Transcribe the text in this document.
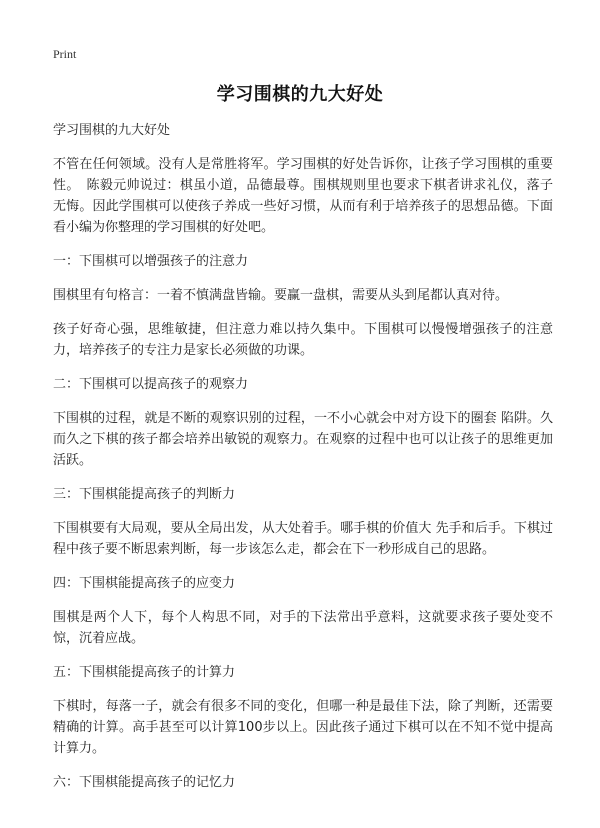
Print
学习围棋的九大好处

学习围棋的九大好处

不管在任何领域。没有人是常胜将军。学习围棋的好处告诉你，让孩子学习围棋的重要性。　陈毅元帅说过：棋虽小道，品德最尊。围棋规则里也要求下棋者讲求礼仪，落子无悔。因此学围棋可以使孩子养成一些好习惯，从而有利于培养孩子的思想品德。下面看小编为你整理的学习围棋的好处吧。

一：下围棋可以增强孩子的注意力

围棋里有句格言：一着不慎满盘皆输。要赢一盘棋，需要从头到尾都认真对待。

孩子好奇心强，思维敏捷，但注意力难以持久集中。下围棋可以慢慢增强孩子的注意力，培养孩子的专注力是家长必须做的功课。

二：下围棋可以提高孩子的观察力

下围棋的过程，就是不断的观察识别的过程，一不小心就会中对方设下的圈套 陷阱。久而久之下棋的孩子都会培养出敏锐的观察力。在观察的过程中也可以让孩子的思维更加活跃。

三：下围棋能提高孩子的判断力

下围棋要有大局观，要从全局出发，从大处着手。哪手棋的价值大 先手和后手。下棋过程中孩子要不断思索判断，每一步该怎么走，都会在下一秒形成自己的思路。

四：下围棋能提高孩子的应变力

围棋是两个人下，每个人构思不同，对手的下法常出乎意料，这就要求孩子要处变不惊，沉着应战。

五：下围棋能提高孩子的计算力

下棋时，每落一子，就会有很多不同的变化，但哪一种是最佳下法，除了判断，还需要精确的计算。高手甚至可以计算100步以上。因此孩子通过下棋可以在不知不觉中提高计算力。

六：下围棋能提高孩子的记忆力
